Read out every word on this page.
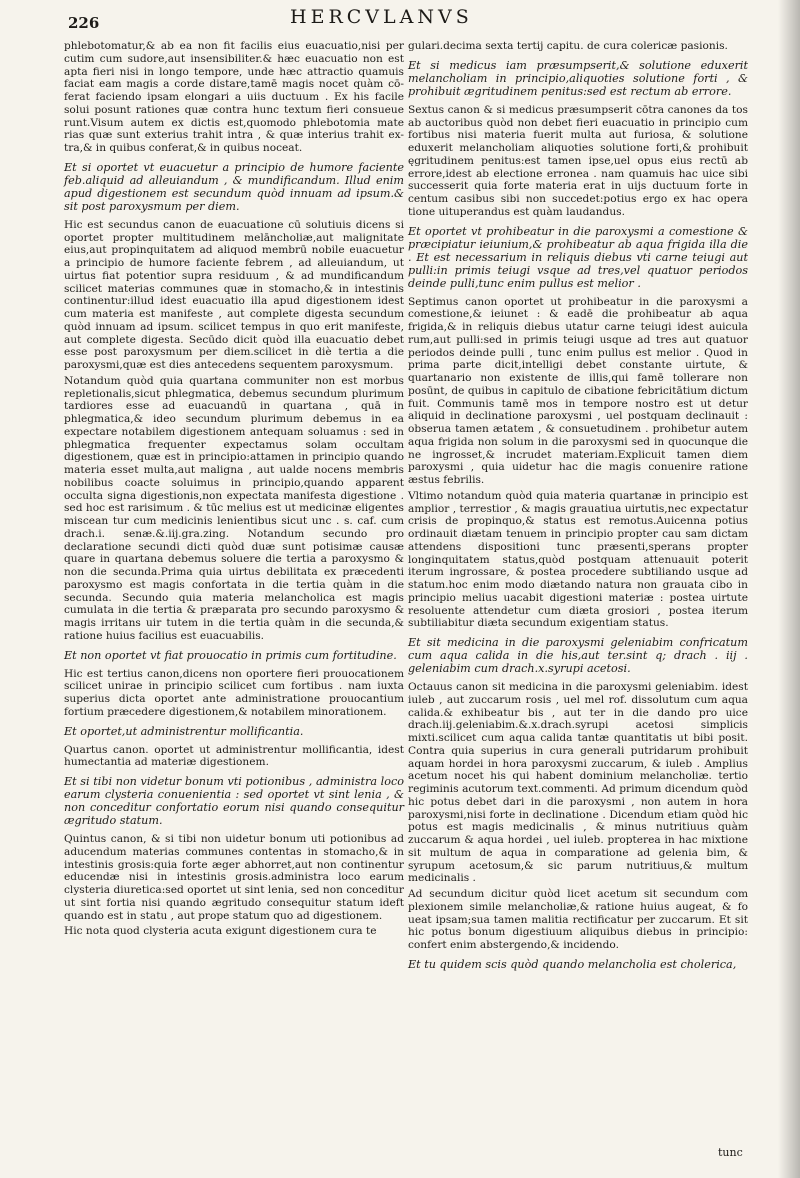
226	HERCVLANVS

phlebotomatur,& ab ea non fit facilis eius euacuatio,nisi per cutim cum sudore,aut insensibiliter.& hæc euacuatio non est apta fieri nisi in longo tempore, unde hæc attractio quamuis faciat eam magis a corde distare,tamē magis nocet quàm cō-ferat faciendo ipsam elongari a uiis ductuum . Ex his facile solui posunt rationes quæ contra hunc textum fieri consueue runt.Visum autem ex dictis est,quomodo phlebotomia mate rias quæ sunt exterius trahit intra , & quæ interius trahit ex-tra,& in quibus conferat,& in quibus noceat.

Et si oportet vt euacuetur a principio de humore faciente feb.aliquid ad alleuiandum , & mundificandum. Illud enim apud digestionem est secundum quòd innuam ad ipsum.& sit post paroxysmum per diem.

Hic est secundus canon de euacuatione cū solutiuis dicens si oportet propter multitudinem melāncholiæ,aut malignitate eius,aut propinquitatem ad aliquod membrū nobile euacuetur a principio de humore faciente febrem , ad alleuiandum, ut uirtus fiat potentior supra residuum , & ad mundificandum scilicet materias communes quæ in stomacho,& in intestinis continentur:illud idest euacuatio illa apud digestionem idest cum materia est manifeste , aut complete digesta secundum quòd innuam ad ipsum. scilicet tempus in quo erit manifeste, aut complete digesta. Secūdo dicit quòd illa euacuatio debet esse post paroxysmum per diem.scilicet in diè tertia a die paroxysmi,quæ est dies antecedens sequentem paroxysmum.

Notandum quòd quia quartana communiter non est morbus repletionalis,sicut phlegmatica, debemus secundum plurimum tardiores esse ad euacuandū in quartana , quā in phlegmatica,& ideo secundum plurimum debemus in ea expectare notabilem digestionem antequam soluamus : sed in phlegmatica frequenter expectamus solam occultam digestionem, quæ est in principio:attamen in principio quando materia esset multa,aut maligna , aut ualde nocens membris nobilibus coacte soluimus in principio,quando apparent occulta signa digestionis,non expectata manifesta digestione . sed hoc est rarisimum . & tūc melius est ut medicinæ eligentes miscean tur cum medicinis lenientibus sicut unc . s. caf. cum drach.i. senæ.&.iij.gra.zing. Notandum secundo pro declaratione secundi dicti quòd duæ sunt potisimæ causæ quare in quartana debemus soluere die tertia a paroxysmo & non die secunda.Prima quia uirtus debilitata ex præcedenti paroxysmo est magis confortata in die tertia quàm in die secunda. Secundo quia materia melancholica est magis cumulata in die tertia & præparata pro secundo paroxysmo & magis irritans uir tutem in die tertia quàm in die secunda,& ratione huius facilius est euacuabilis.

Et non oportet vt fiat prouocatio in primis cum fortitudine.

Hic est tertius canon,dicens non oportere fieri prouocationem scilicet unirae in principio scilicet cum fortibus . nam iuxta superius dicta oportet ante administratione prouocantium fortium præcedere digestionem,& notabilem minorationem.

Et oportet,ut administrentur mollificantia.

Quartus canon. oportet ut administrentur mollificantia, idest humectantia ad materiæ digestionem.

Et si tibi non videtur bonum vti potionibus , administra loco earum clysteria conuenientia : sed oportet vt sint lenia , & non conceditur confortatio eorum nisi quando consequitur ægritudo statum.

Quintus canon, & si tibi non uidetur bonum uti potionibus ad aducendum materias communes contentas in stomacho,& in intestinis grosis:quia forte æger abhorret,aut non continentur educendæ nisi in intestinis grosis.administra loco earum clysteria diuretica:sed oportet ut sint lenia, sed non conceditur ut sint fortia nisi quando ægritudo consequitur statum ideft quando est in statu , aut prope statum quo ad digestionem.

Hic nota quod clysteria acuta exigunt digestionem cura te

gulari.decima sexta tertij capitu. de cura colericæ pasionis.

Et si medicus iam præsumpserit,& solutione eduxerit melancholiam in principio,aliquoties solutione forti , & prohibuit ægritudinem penitus:sed est rectum ab errore.

Sextus canon & si medicus præsumpserit cōtra canones da tos ab auctoribus quòd non debet fieri euacuatio in principio cum fortibus nisi materia fuerit multa aut furiosa, & solutione eduxerit melancholiam aliquoties solutione forti,& prohibuit ęgritudinem penitus:est tamen ipse,uel opus eius rectū ab errore,idest ab electione erronea . nam quamuis hac uice sibi successerit quia forte materia erat in uijs ductuum forte in centum casibus sibi non succedet:potius ergo ex hac opera tione uituperandus est quàm laudandus.

Et oportet vt prohibeatur in die paroxysmi a comestione & præcipiatur ieiunium,& prohibeatur ab aqua frigida illa die . Et est necessarium in reliquis diebus vti carne teiugi aut pulli:in primis teiugi vsque ad tres,vel quatuor periodos deinde pulli,tunc enim pullus est melior .

Septimus canon oportet ut prohibeatur in die paroxysmi a comestione,& ieiunet : & eadē die prohibeatur ab aqua frigida,& in reliquis diebus utatur carne teiugi idest auicula rum,aut pulli:sed in primis teiugi usque ad tres aut quatuor periodos deinde pulli , tunc enim pullus est melior . Quod in prima parte dicit,intelligi debet constante uirtute, & quartanario non existente de illis,qui famē tollerare non posūnt, de quibus in capitulo de cibatione febricitātium dictum fuit. Communis tamē mos in tempore nostro est ut detur aliquid in declinatione paroxysmi , uel postquam declinauit : obserua tamen ætatem , & consuetudinem . prohibetur autem aqua frigida non solum in die paroxysmi sed in quocunque die ne ingrosset,& incrudet materiam.Explicuit tamen diem paroxysmi , quia uidetur hac die magis conuenire ratione æstus febrilis.

Vltimo notandum quòd quia materia quartanæ in principio est amplior , terrestior , & magis grauatiua uirtutis,nec expectatur crisis de propinquo,& status est remotus.Auicenna potius ordinauit diætam tenuem in principio propter cau sam dictam attendens dispositioni tunc præsenti,sperans propter longinquitatem status,quòd postquam attenuauit poterit iterum ingrossare, & postea procedere subtiliando usque ad statum.hoc enim modo diætando natura non grauata cibo in principio melius uacabit digestioni materiæ : postea uirtute resoluente attendetur cum diæta grosiori , postea iterum subtiliabitur diæta secundum exigentiam status.

Et sit medicina in die paroxysmi geleniabim confricatum cum aqua calida in die his,aut ter.sint q; drach . iij . geleniabim cum drach.x.syrupi acetosi.

Octauus canon sit medicina in die paroxysmi geleniabim. idest iuleb , aut zuccarum rosis , uel mel rof. dissolutum cum aqua calida.& exhibeatur bis , aut ter in die dando pro uice drach.iij.geleniabim.&.x.drach.syrupi acetosi simplicis mixti.scilicet cum aqua calida tantæ quantitatis ut bibi posit. Contra quia superius in cura generali putridarum prohibuit aquam hordei in hora paroxysmi zuccarum, & iuleb . Amplius acetum nocet his qui habent dominium melancholiæ. tertio regiminis acutorum text.commenti. Ad primum dicendum quòd hic potus debet dari in die paroxysmi , non autem in hora paroxysmi,nisi forte in declinatione . Dicendum etiam quòd hic potus est magis medicinalis , & minus nutritiuus quàm zuccarum & aqua hordei , uel iuleb. propterea in hac mixtione sit multum de aqua in comparatione ad gelenia bim, & syrupum acetosum,& sic parum nutritiuus,& multum medicinalis .

Ad secundum dicitur quòd licet acetum sit secundum com plexionem simile melancholiæ,& ratione huius augeat, & fo ueat ipsam;sua tamen malitia rectificatur per zuccarum. Et sit hic potus bonum digestiuum aliquibus diebus in principio: confert enim abstergendo,& incidendo.

Et tu quidem scis quòd quando melancholia est cholerica,

tunc
